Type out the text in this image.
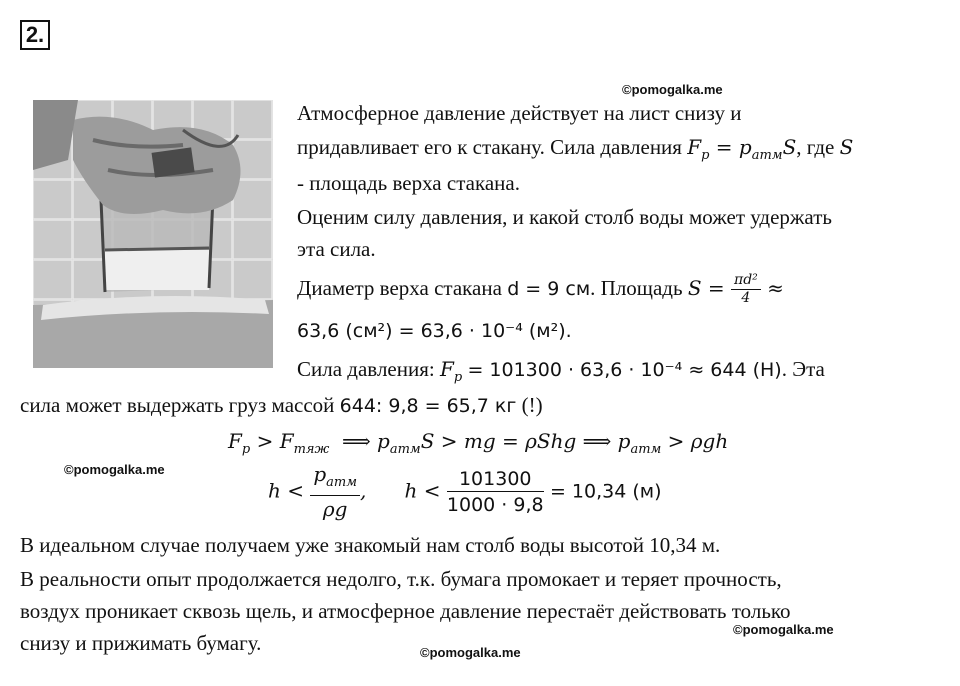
2.
©pomogalka.me
©pomogalka.me
©pomogalka.me
©pomogalka.me
Атмосферное давление действует на лист снизу и
придавливает его к стакану. Сила давления $F_p = p_{атм}S$, где S
- площадь верха стакана.
Оценим силу давления, и какой столб воды может удержать
эта сила.
Диаметр верха стакана d = 9 см. Площадь $S = \frac{\text{πd²}}{4}$ ≈
63,6 (см²) = 63,6 · 10⁻⁴ (м²).
Сила давления: $F_p = 101300 \cdot 63,6 \cdot 10^{-4} \approx 644$ (Н). Эта
сила может выдержать груз массой 644: 9,8 = 65,7 кг (!)
$F_p > F_{тяж}$  ⟹ $p_{атм}S$ > mg = ρShg ⟹ $p_{атм} > \rho gh$
$h < \frac{p_{атм}}{\rho g}$ ,      $h < \frac{101300}{1000 \cdot 9,8} = 10,34$ (м)
В идеальном случае получаем уже знакомый нам столб воды высотой 10,34 м.
В реальности опыт продолжается недолго, т.к. бумага промокает и теряет прочность,
воздух проникает сквозь щель, и атмосферное давление перестаёт действовать только
снизу и прижимать бумагу.
